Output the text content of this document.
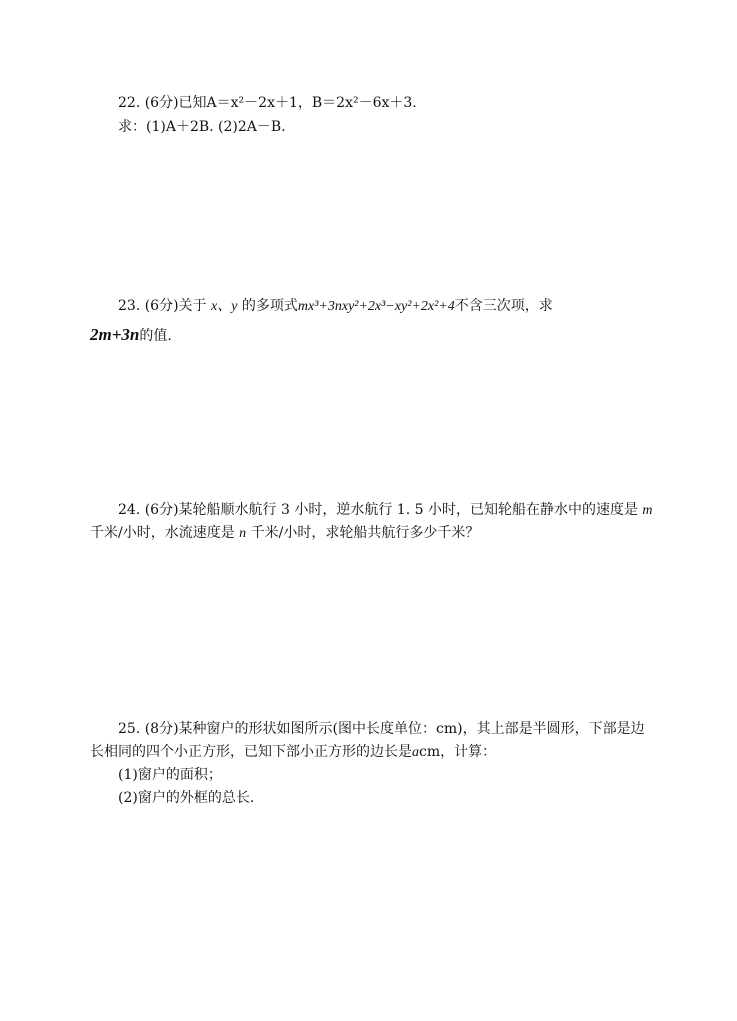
22. (6分)已知A＝x²－2x＋1，B＝2x²－6x＋3.
求：(1)A＋2B. (2)2A－B.
23. (6分)关于 x、y 的多项式mx³+3nxy²+2x³−xy²+2x²+4不含三次项，求
2m+3n的值.
24. (6分)某轮船顺水航行 3 小时，逆水航行 1. 5 小时，已知轮船在静水中的速度是 m
千米/小时，水流速度是 n 千米/小时，求轮船共航行多少千米？
25. (8分)某种窗户的形状如图所示(图中长度单位：cm)，其上部是半圆形，下部是边
长相同的四个小正方形，已知下部小正方形的边长是acm，计算：
(1)窗户的面积；
(2)窗户的外框的总长.
